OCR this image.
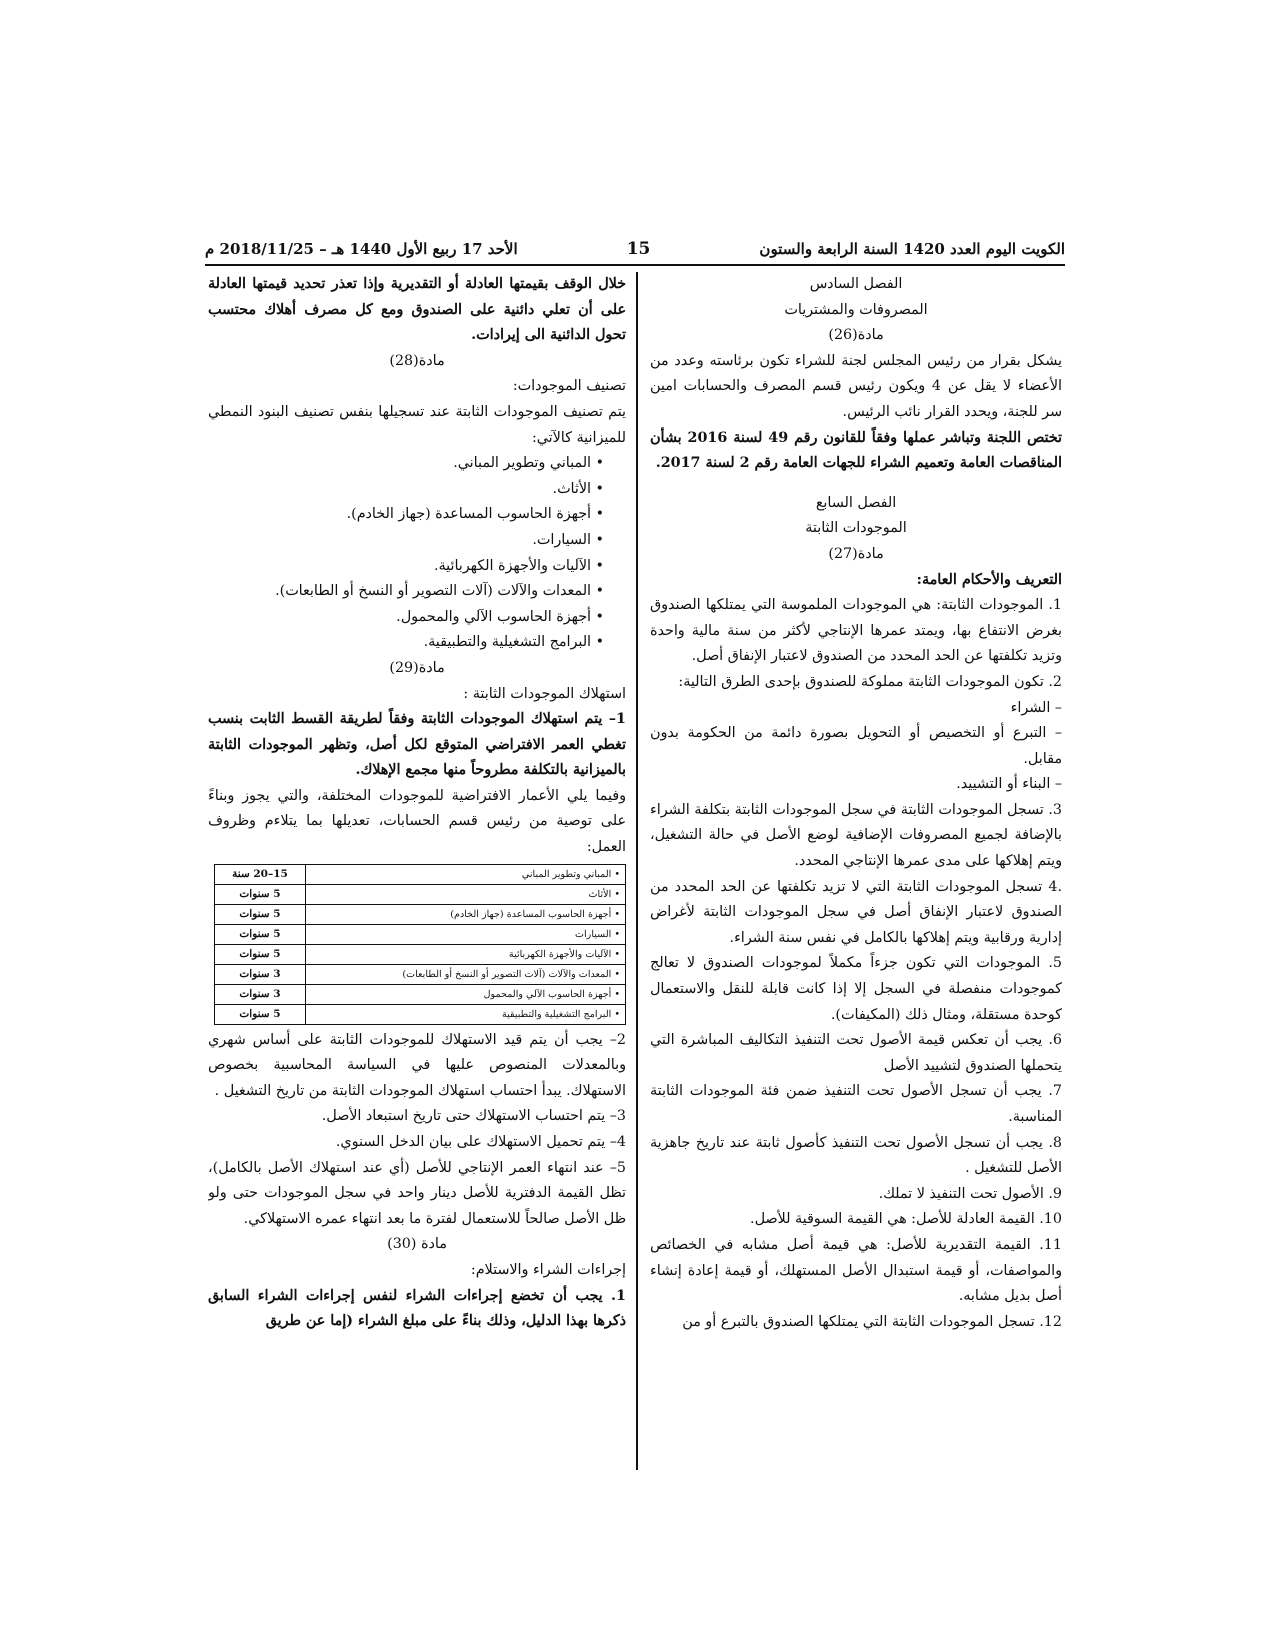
الكويت اليوم العدد 1420 السنة الرابعة والستون
15
الأحد 17 ربيع الأول 1440 هـ – 2018/11/25 م

الفصل السادس

المصروفات والمشتريات

مادة(26)

يشكل بقرار من رئيس المجلس لجنة للشراء تكون برئاسته وعدد من الأعضاء لا يقل عن 4 ويكون رئيس قسم المصرف والحسابات امين سر للجنة، ويحدد القرار نائب الرئيس.

تختص اللجنة وتباشر عملها وفقاً للقانون رقم 49 لسنة 2016 بشأن المناقصات العامة وتعميم الشراء للجهات العامة رقم 2 لسنة 2017.

الفصل السابع

الموجودات الثابتة

مادة(27)

التعريف والأحكام العامة:

1. الموجودات الثابتة: هي الموجودات الملموسة التي يمتلكها الصندوق بغرض الانتفاع بها، ويمتد عمرها الإنتاجي لأكثر من سنة مالية واحدة وتزيد تكلفتها عن الحد المحدد من الصندوق لاعتبار الإنفاق أصل.

2. تكون الموجودات الثابتة مملوكة للصندوق بإحدى الطرق التالية:

– الشراء

– التبرع أو التخصيص أو التحويل بصورة دائمة من الحكومة بدون مقابل.

– البناء أو التشييد.

3. تسجل الموجودات الثابتة في سجل الموجودات الثابتة بتكلفة الشراء بالإضافة لجميع المصروفات الإضافية لوضع الأصل في حالة التشغيل، ويتم إهلاكها على مدى عمرها الإنتاجي المحدد.

.4 تسجل الموجودات الثابتة التي لا تزيد تكلفتها عن الحد المحدد من الصندوق لاعتبار الإنفاق أصل في سجل الموجودات الثابتة لأغراض إدارية ورقابية ويتم إهلاكها بالكامل في نفس سنة الشراء.

5. الموجودات التي تكون جزءاً مكملاً لموجودات الصندوق لا تعالج كموجودات منفصلة في السجل إلا إذا كانت قابلة للنقل والاستعمال كوحدة مستقلة، ومثال ذلك (المكيفات).

6. يجب أن تعكس قيمة الأصول تحت التنفيذ التكاليف المباشرة التي يتحملها الصندوق لتشييد الأصل

7. يجب أن تسجل الأصول تحت التنفيذ ضمن فئة الموجودات الثابتة المناسبة.

8. يجب أن تسجل الأصول تحت التنفيذ كأصول ثابتة عند تاريخ جاهزية الأصل للتشغيل .

9. الأصول تحت التنفيذ لا تملك.

10. القيمة العادلة للأصل: هي القيمة السوقية للأصل.

11. القيمة التقديرية للأصل: هي قيمة أصل مشابه في الخصائص والمواصفات، أو قيمة استبدال الأصل المستهلك، أو قيمة إعادة إنشاء أصل بديل مشابه.

12. تسجل الموجودات الثابتة التي يمتلكها الصندوق بالتبرع أو من

خلال الوقف بقيمتها العادلة أو التقديرية وإذا تعذر تحديد قيمتها العادلة على أن تعلي دائنية على الصندوق ومع كل مصرف أهلاك محتسب تحول الدائنية الى إيرادات.

مادة(28)

تصنيف الموجودات:

يتم تصنيف الموجودات الثابتة عند تسجيلها بنفس تصنيف البنود النمطي للميزانية كالآتي:

• المباني وتطوير المباني.

• الأثاث.

• أجهزة الحاسوب المساعدة (جهاز الخادم).

• السيارات.

• الآليات والأجهزة الكهربائية.

• المعدات والآلات (آلات التصوير أو النسخ أو الطابعات).

• أجهزة الحاسوب الآلي والمحمول.

• البرامج التشغيلية والتطبيقية.

مادة(29)

استهلاك الموجودات الثابتة :

1– يتم استهلاك الموجودات الثابتة وفقاً لطريقة القسط الثابت بنسب تغطي العمر الافتراضي المتوقع لكل أصل، وتظهر الموجودات الثابتة بالميزانية بالتكلفة مطروحاً منها مجمع الإهلاك.

وفيما يلي الأعمار الافتراضية للموجودات المختلفة، والتي يجوز وبناءً على توصية من رئيس قسم الحسابات، تعديلها بما يتلاءم وظروف العمل:

• المباني وتطوير المباني	15–20 سنة
• الأثاث	5 سنوات
• أجهزة الحاسوب المساعدة (جهاز الخادم)	5 سنوات
• السيارات	5 سنوات
• الآليات والأجهزة الكهربائية	5 سنوات
• المعدات والآلات (آلات التصوير أو النسخ أو الطابعات)	3 سنوات
• أجهزة الحاسوب الآلي والمحمول	3 سنوات
• البرامج التشغيلية والتطبيقية	5 سنوات

2– يجب أن يتم قيد الاستهلاك للموجودات الثابتة على أساس شهري وبالمعدلات المنصوص عليها في السياسة المحاسبية بخصوص الاستهلاك. يبدأ احتساب استهلاك الموجودات الثابتة من تاريخ التشغيل .

3– يتم احتساب الاستهلاك حتى تاريخ استبعاد الأصل.

4– يتم تحميل الاستهلاك على بيان الدخل السنوي.

5– عند انتهاء العمر الإنتاجي للأصل (أي عند استهلاك الأصل بالكامل)، تظل القيمة الدفترية للأصل دينار واحد في سجل الموجودات حتى ولو ظل الأصل صالحاً للاستعمال لفترة ما بعد انتهاء عمره الاستهلاكي.

مادة (30)

إجراءات الشراء والاستلام:

1. يجب أن تخضع إجراءات الشراء لنفس إجراءات الشراء السابق ذكرها بهذا الدليل، وذلك بناءً على مبلغ الشراء (إما عن طريق
